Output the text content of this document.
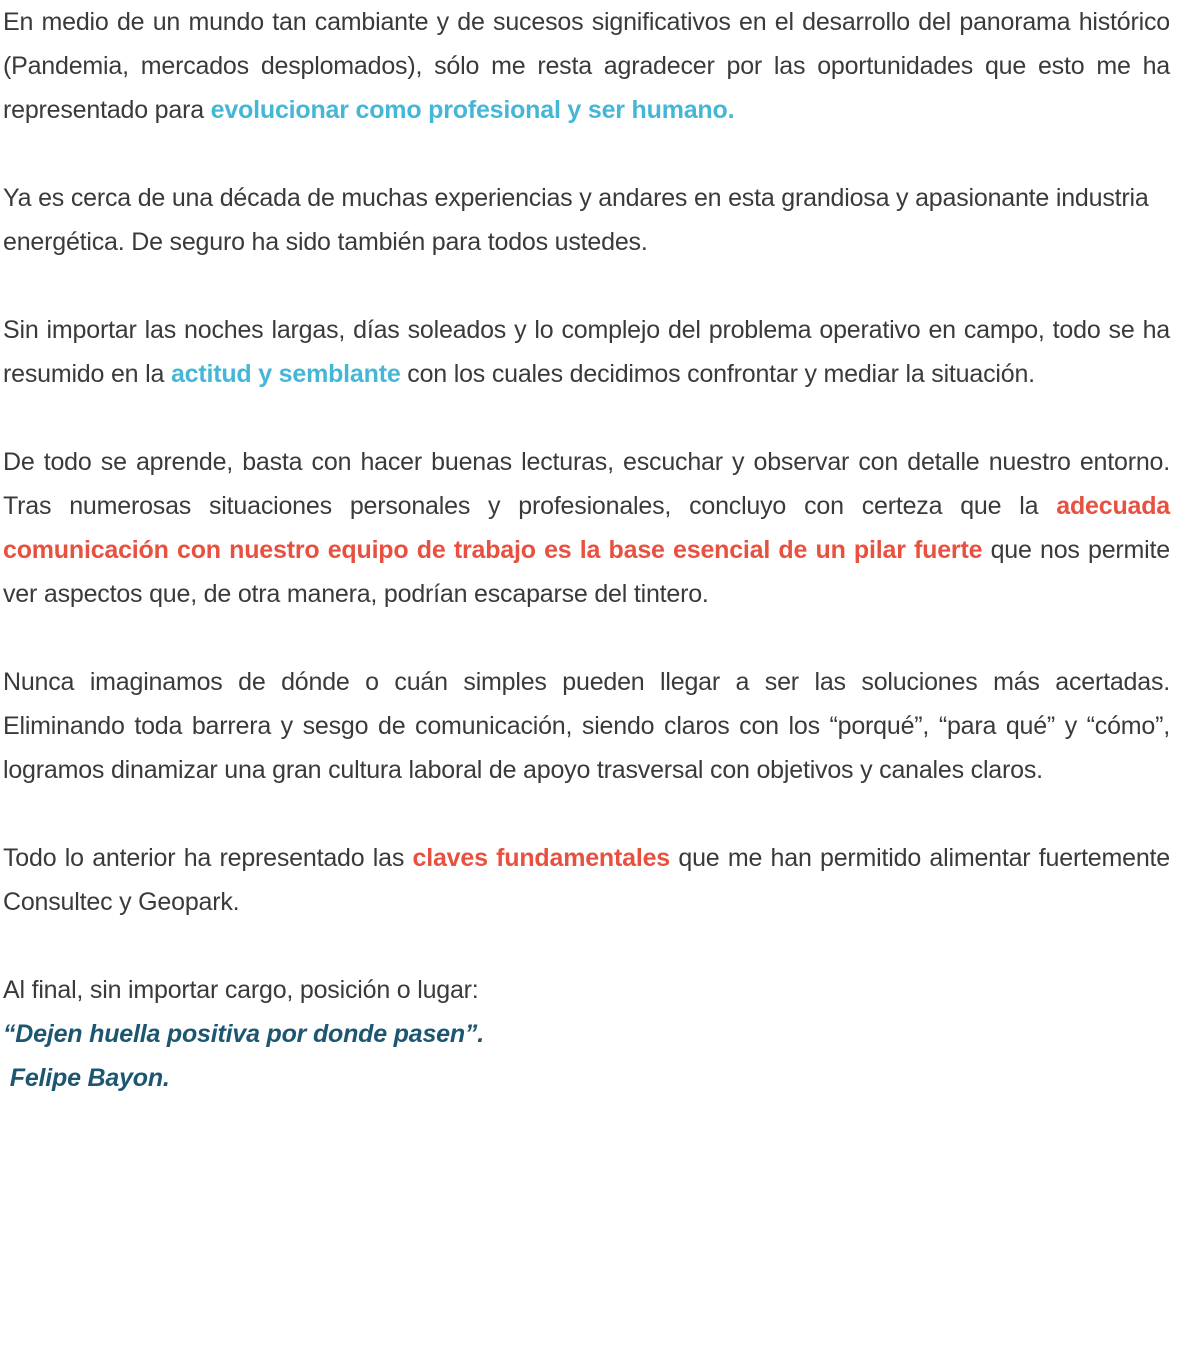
En medio de un mundo tan cambiante y de sucesos significativos en el desarrollo del panorama histórico (Pandemia, mercados desplomados), sólo me resta agradecer por las oportunidades que esto me ha representado para evolucionar como profesional y ser humano.

Ya es cerca de una década de muchas experiencias y andares en esta grandiosa y apasionante industria energética. De seguro ha sido también para todos ustedes.

Sin importar las noches largas, días soleados y lo complejo del problema operativo en campo, todo se ha resumido en la actitud y semblante con los cuales decidimos confrontar y mediar la situación.

De todo se aprende, basta con hacer buenas lecturas, escuchar y observar con detalle nuestro entorno. Tras numerosas situaciones personales y profesionales, concluyo con certeza que la adecuada comunicación con nuestro equipo de trabajo es la base esencial de un pilar fuerte que nos permite ver aspectos que, de otra manera, podrían escaparse del tintero.

Nunca imaginamos de dónde o cuán simples pueden llegar a ser las soluciones más acertadas. Eliminando toda barrera y sesgo de comunicación, siendo claros con los “porqué”, “para qué” y “cómo”, logramos dinamizar una gran cultura laboral de apoyo trasversal con objetivos y canales claros.

Todo lo anterior ha representado las claves fundamentales que me han permitido alimentar fuertemente Consultec y Geopark.

Al final, sin importar cargo, posición o lugar:
“Dejen huella positiva por donde pasen”.
Felipe Bayon.
